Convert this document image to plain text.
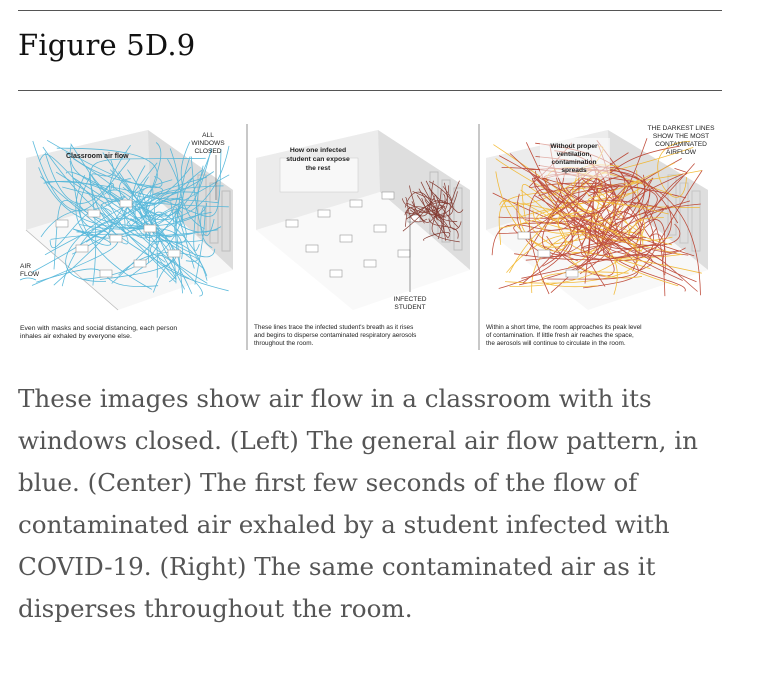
Figure 5D.9
Classroom air flow
ALL
WINDOWS
CLOSED
AIR
FLOW
Even with masks and social distancing, each person
inhales air exhaled by everyone else.
How one infected
student can expose
the rest
INFECTED
STUDENT
These lines trace the infected student's breath as it rises
and begins to disperse contaminated respiratory aerosols
throughout the room.
Without proper
ventilation,
contamination
spreads
THE DARKEST LINES
SHOW THE MOST
CONTAMINATED
AIRFLOW
Within a short time, the room approaches its peak level
of contamination. If little fresh air reaches the space,
the aerosols will continue to circulate in the room.
These images show air flow in a classroom with its windows closed. (Left) The general air flow pattern, in blue. (Center) The first few seconds of the flow of contaminated air exhaled by a student infected with COVID-19. (Right) The same contaminated air as it disperses throughout the room.
